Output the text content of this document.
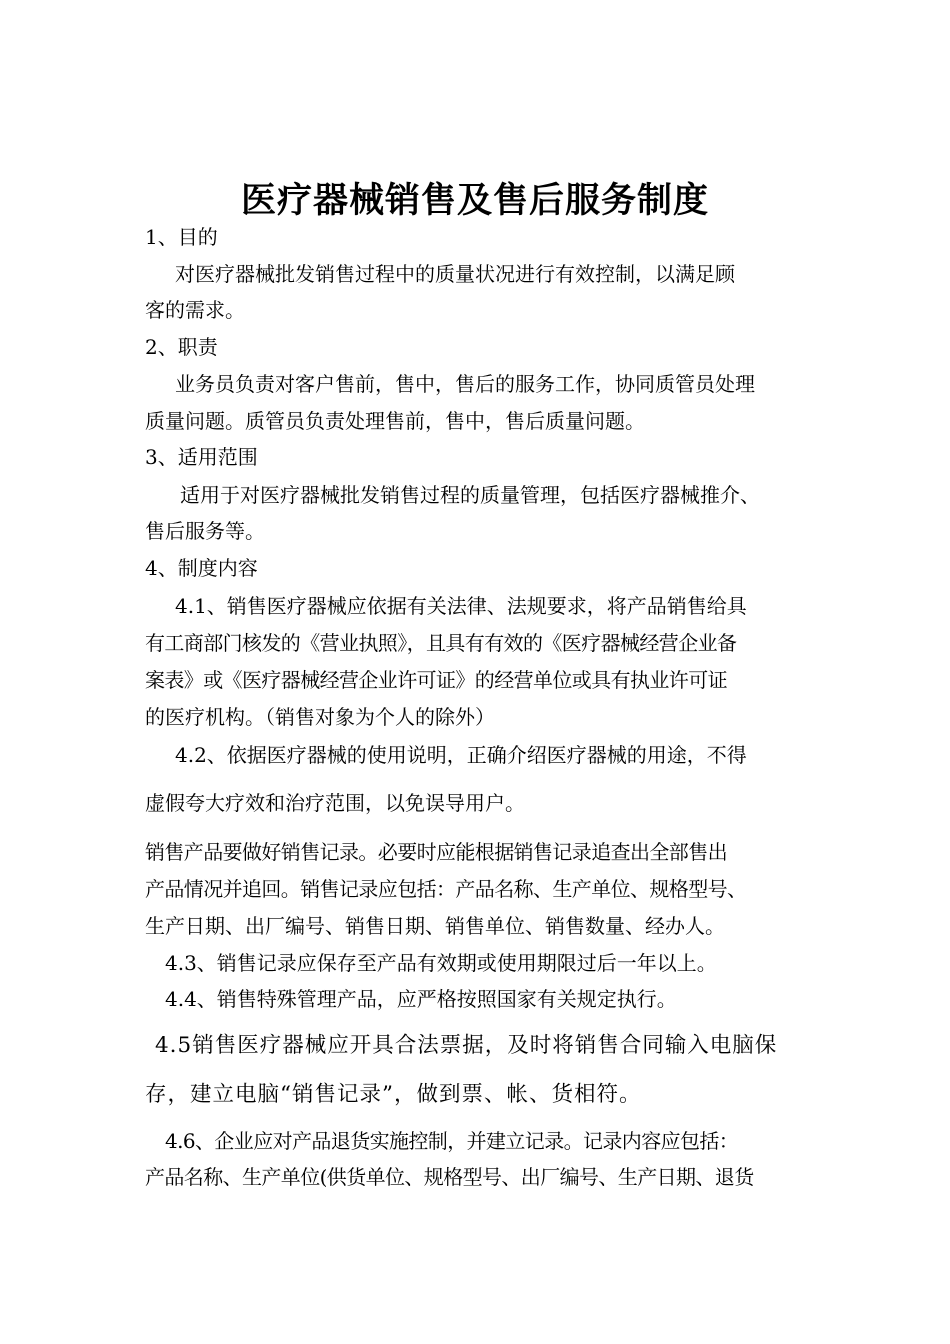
医疗器械销售及售后服务制度

1、目的

对医疗器械批发销售过程中的质量状况进行有效控制，以满足顾

客的需求。

2、职责

业务员负责对客户售前，售中，售后的服务工作，协同质管员处理

质量问题。质管员负责处理售前，售中，售后质量问题。

3、适用范围

适用于对医疗器械批发销售过程的质量管理，包括医疗器械推介、

售后服务等。

4、制度内容

4.1、销售医疗器械应依据有关法律、法规要求，将产品销售给具

有工商部门核发的《营业执照》，且具有有效的《医疗器械经营企业备

案表》或《医疗器械经营企业许可证》的经营单位或具有执业许可证

的医疗机构。（销售对象为个人的除外）

4.2、依据医疗器械的使用说明，正确介绍医疗器械的用途，不得

虚假夸大疗效和治疗范围，以免误导用户。

销售产品要做好销售记录。必要时应能根据销售记录追查出全部售出

产品情况并追回。销售记录应包括：产品名称、生产单位、规格型号、

生产日期、出厂编号、销售日期、销售单位、销售数量、经办人。

4.3、销售记录应保存至产品有效期或使用期限过后一年以上。

4.4、销售特殊管理产品，应严格按照国家有关规定执行。

4.5销售医疗器械应开具合法票据，及时将销售合同输入电脑保

存，建立电脑“销售记录”，做到票、帐、货相符。

4.6、企业应对产品退货实施控制，并建立记录。记录内容应包括：

产品名称、生产单位(供货单位、规格型号、出厂编号、生产日期、退货
